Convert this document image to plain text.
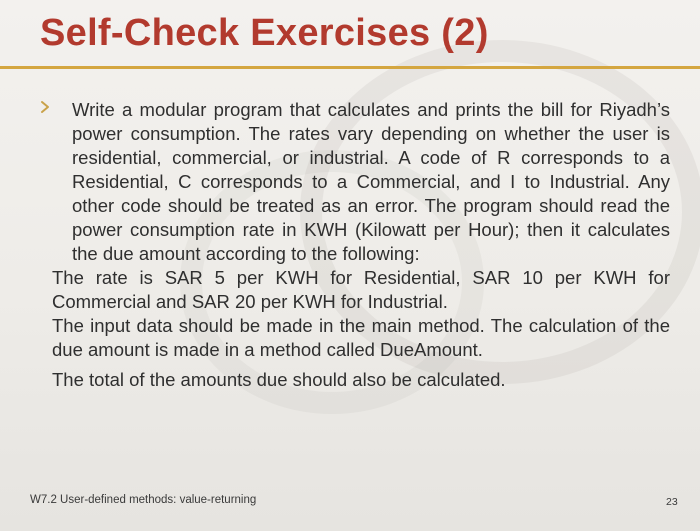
Self-Check Exercises (2)

Write a modular program that calculates and prints the bill for Riyadh’s power consumption. The rates vary depending on whether the user is residential, commercial, or industrial. A code of R corresponds to a Residential, C corresponds to a Commercial, and I to Industrial. Any other code should be treated as an error. The program should read the power consumption rate in KWH (Kilowatt per Hour); then it calculates the due amount according to the following:

The rate is SAR 5 per KWH for Residential, SAR 10 per KWH for Commercial and SAR 20 per KWH for Industrial.

The input data should be made in the main method. The calculation of the due amount is made in a method called DueAmount.

The total of the amounts due should also be calculated.

W7.2 User-defined methods: value-returning	23
